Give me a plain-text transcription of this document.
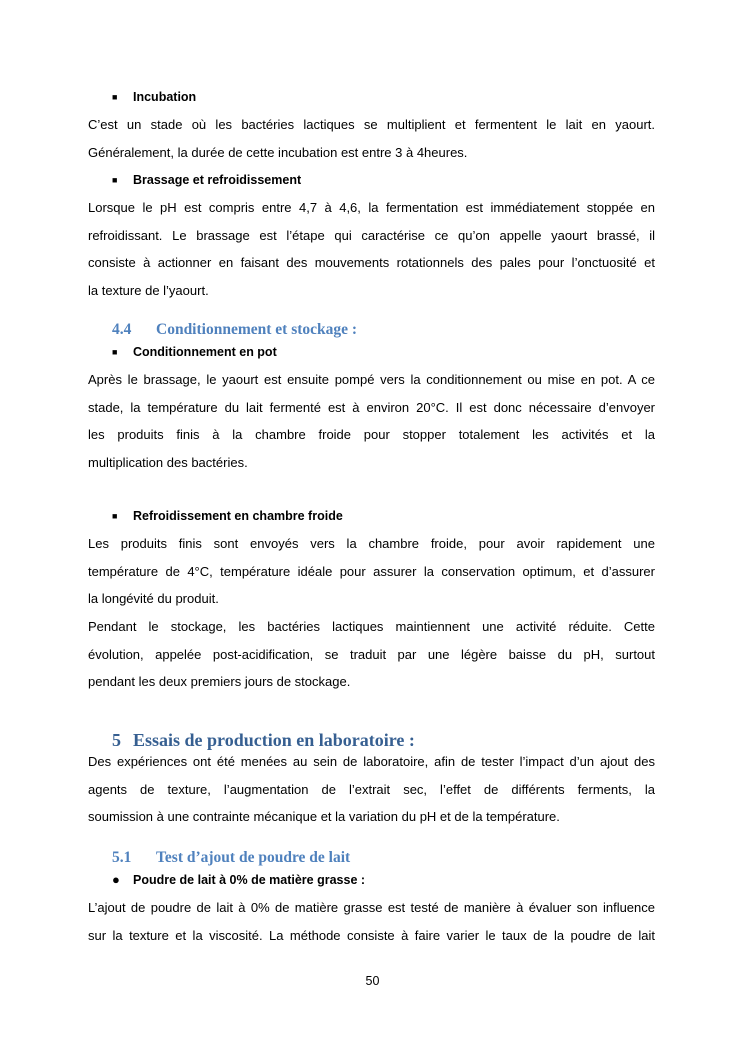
■ Incubation
C’est un stade où les bactéries lactiques se multiplient et fermentent le lait en yaourt.
Généralement, la durée de cette incubation est entre 3 à 4heures.
■ Brassage et refroidissement
Lorsque le pH est compris entre 4,7 à 4,6, la fermentation est immédiatement stoppée en
refroidissant. Le brassage est l’étape qui caractérise ce qu’on appelle yaourt brassé, il
consiste à actionner en faisant des mouvements rotationnels des pales pour l’onctuosité et
la texture de l’yaourt.
4.4 Conditionnement et stockage :
■ Conditionnement en pot
Après le brassage, le yaourt est ensuite pompé vers la conditionnement ou mise en pot. A ce
stade, la température du lait fermenté est à environ 20°C. Il est donc nécessaire d’envoyer
les produits finis à la chambre froide pour stopper totalement les activités et la
multiplication des bactéries.
■ Refroidissement en chambre froide
Les produits finis sont envoyés vers la chambre froide, pour avoir rapidement une
température de 4°C, température idéale pour assurer la conservation optimum, et d’assurer
la longévité du produit.
Pendant le stockage, les bactéries lactiques maintiennent une activité réduite. Cette
évolution, appelée post-acidification, se traduit par une légère baisse du pH, surtout
pendant les deux premiers jours de stockage.
5 Essais de production en laboratoire :
Des expériences ont été menées au sein de laboratoire, afin de tester l’impact d’un ajout des
agents de texture, l’augmentation de l’extrait sec, l’effet de différents ferments, la
soumission à une contrainte mécanique et la variation du pH et de la température.
5.1 Test d’ajout de poudre de lait
● Poudre de lait à 0% de matière grasse :
L’ajout de poudre de lait à 0% de matière grasse est testé de manière à évaluer son influence
sur la texture et la viscosité. La méthode consiste à faire varier le taux de la poudre de lait
50
